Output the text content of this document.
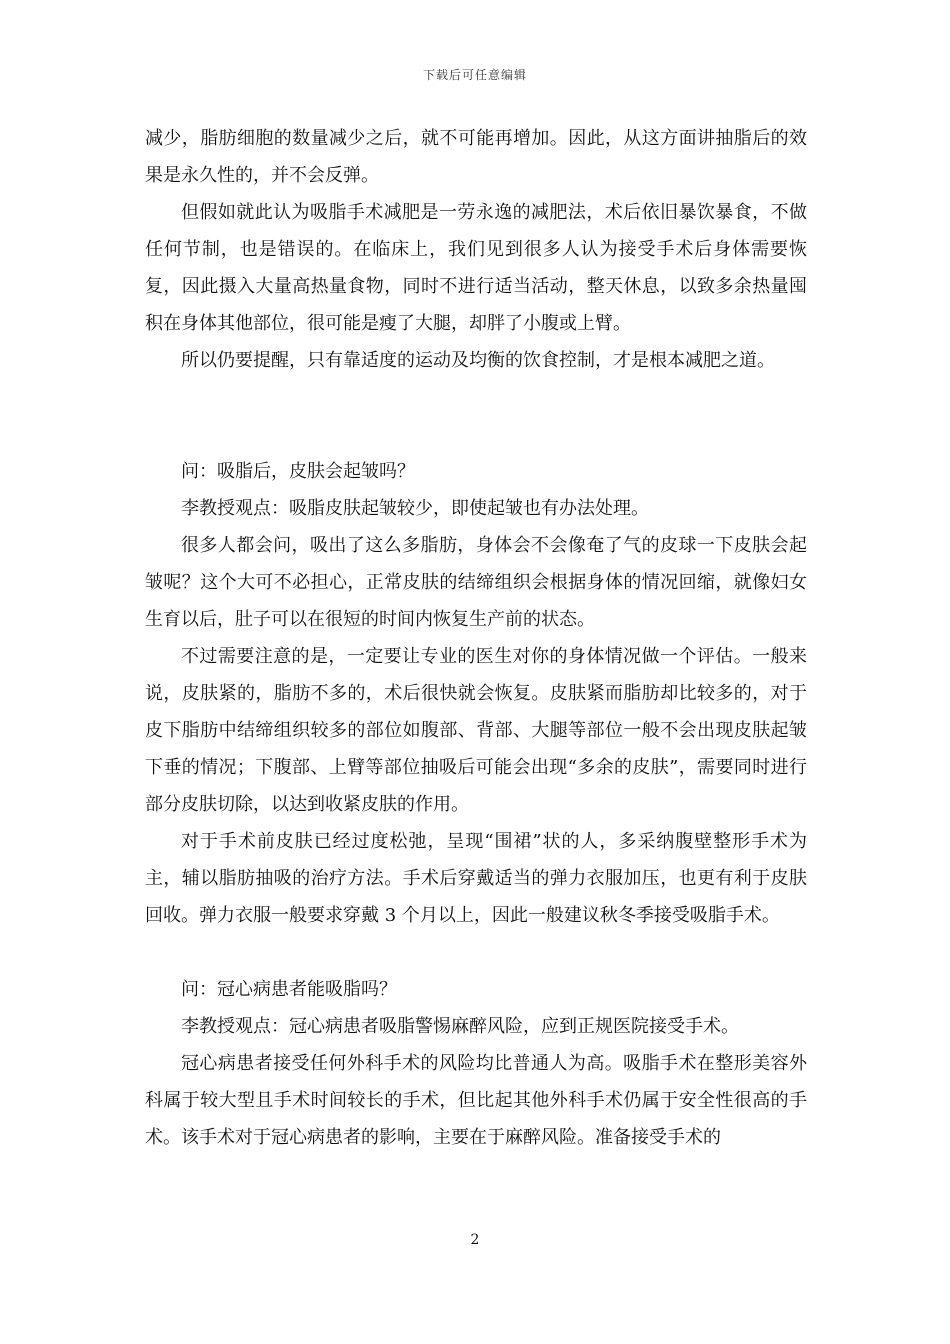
下载后可任意编辑

减少，脂肪细胞的数量减少之后，就不可能再增加。因此，从这方面讲抽脂后的效果是永久性的，并不会反弹。

但假如就此认为吸脂手术减肥是一劳永逸的减肥法，术后依旧暴饮暴食，不做任何节制，也是错误的。在临床上，我们见到很多人认为接受手术后身体需要恢复，因此摄入大量高热量食物，同时不进行适当活动，整天休息，以致多余热量囤积在身体其他部位，很可能是瘦了大腿，却胖了小腹或上臂。

所以仍要提醒，只有靠适度的运动及均衡的饮食控制，才是根本减肥之道。

问：吸脂后，皮肤会起皱吗？

李教授观点：吸脂皮肤起皱较少，即使起皱也有办法处理。

很多人都会问，吸出了这么多脂肪，身体会不会像奄了气的皮球一下皮肤会起皱呢？这个大可不必担心，正常皮肤的结缔组织会根据身体的情况回缩，就像妇女生育以后，肚子可以在很短的时间内恢复生产前的状态。

不过需要注意的是，一定要让专业的医生对你的身体情况做一个评估。一般来说，皮肤紧的，脂肪不多的，术后很快就会恢复。皮肤紧而脂肪却比较多的，对于皮下脂肪中结缔组织较多的部位如腹部、背部、大腿等部位一般不会出现皮肤起皱下垂的情况；下腹部、上臂等部位抽吸后可能会出现“多余的皮肤”，需要同时进行部分皮肤切除，以达到收紧皮肤的作用。

对于手术前皮肤已经过度松弛，呈现“围裙”状的人，多采纳腹壁整形手术为主，辅以脂肪抽吸的治疗方法。手术后穿戴适当的弹力衣服加压，也更有利于皮肤回收。弹力衣服一般要求穿戴 3 个月以上，因此一般建议秋冬季接受吸脂手术。

问：冠心病患者能吸脂吗？

李教授观点：冠心病患者吸脂警惕麻醉风险，应到正规医院接受手术。

冠心病患者接受任何外科手术的风险均比普通人为高。吸脂手术在整形美容外科属于较大型且手术时间较长的手术，但比起其他外科手术仍属于安全性很高的手术。该手术对于冠心病患者的影响，主要在于麻醉风险。准备接受手术的

2
